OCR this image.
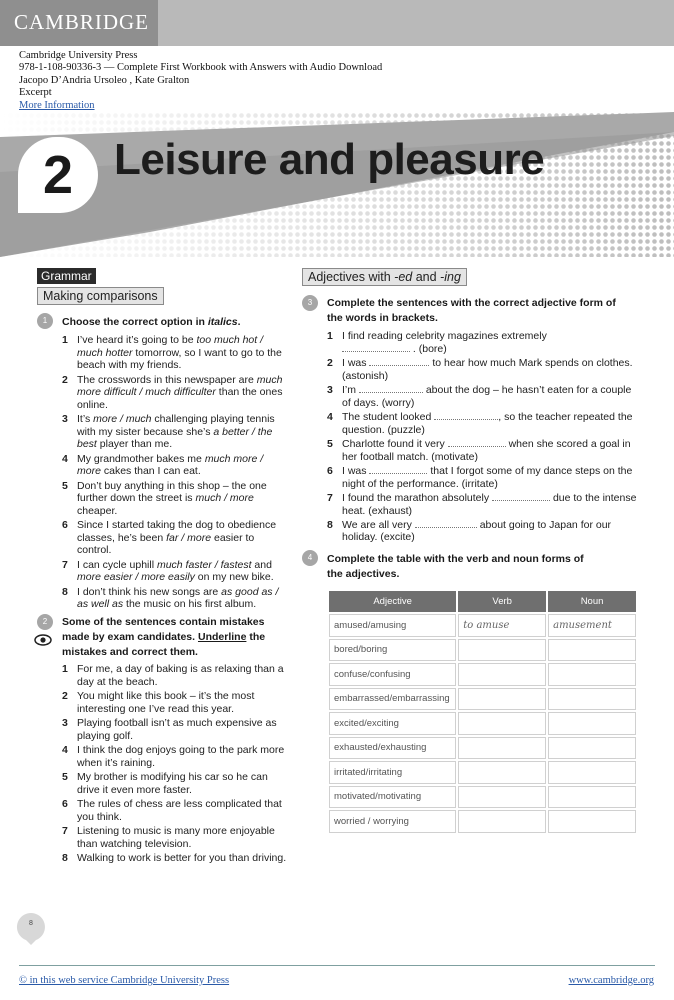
CAMBRIDGE
Cambridge University Press
978-1-108-90336-3 — Complete First Workbook with Answers with Audio Download
Jacopo D’Andria Ursoleo , Kate Gralton
Excerpt
More Information
2 Leisure and pleasure
Grammar
Making comparisons
1	Choose the correct option in italics.
1 I’ve heard it’s going to be too much hot / much hotter tomorrow, so I want to go to the beach with my friends.
2 The crosswords in this newspaper are much more difficult / much difficulter than the ones online.
3 It’s more / much challenging playing tennis with my sister because she’s a better / the best player than me.
4 My grandmother bakes me much more / more cakes than I can eat.
5 Don’t buy anything in this shop – the one further down the street is much / more cheaper.
6 Since I started taking the dog to obedience classes, he’s been far / more easier to control.
7 I can cycle uphill much faster / fastest and more easier / more easily on my new bike.
8 I don’t think his new songs are as good as / as well as the music on his first album.
2	Some of the sentences contain mistakes made by exam candidates. Underline the mistakes and correct them.
1 For me, a day of baking is as relaxing than a day at the beach.
2 You might like this book – it’s the most interesting one I’ve read this year.
3 Playing football isn’t as much expensive as playing golf.
4 I think the dog enjoys going to the park more when it’s raining.
5 My brother is modifying his car so he can drive it even more faster.
6 The rules of chess are less complicated that you think.
7 Listening to music is many more enjoyable than watching television.
8 Walking to work is better for you than driving.
Adjectives with -ed and -ing
3	Complete the sentences with the correct adjective form of the words in brackets.
1 I find reading celebrity magazines extremely
. (bore)
2 I was	to hear how much Mark spends on clothes. (astonish)
3 I’m	about the dog – he hasn’t eaten for a couple of days. (worry)
4 The student looked	, so the teacher repeated the question. (puzzle)
5 Charlotte found it very	when she scored a goal in her football match. (motivate)
6 I was	that I forgot some of my dance steps on the night of the performance. (irritate)
7 I found the marathon absolutely	due to the intense heat. (exhaust)
8 We are all very	about going to Japan for our holiday. (excite)
4	Complete the table with the verb and noun forms of the adjectives.
Adjective	Verb	Noun
amused/amusing	to amuse	amusement
bored/boring		
confuse/confusing		
embarrassed/embarrassing		
excited/exciting		
exhausted/exhausting		
irritated/irritating		
motivated/motivating		
worried / worrying		
8
© in this web service Cambridge University Press	www.cambridge.org
